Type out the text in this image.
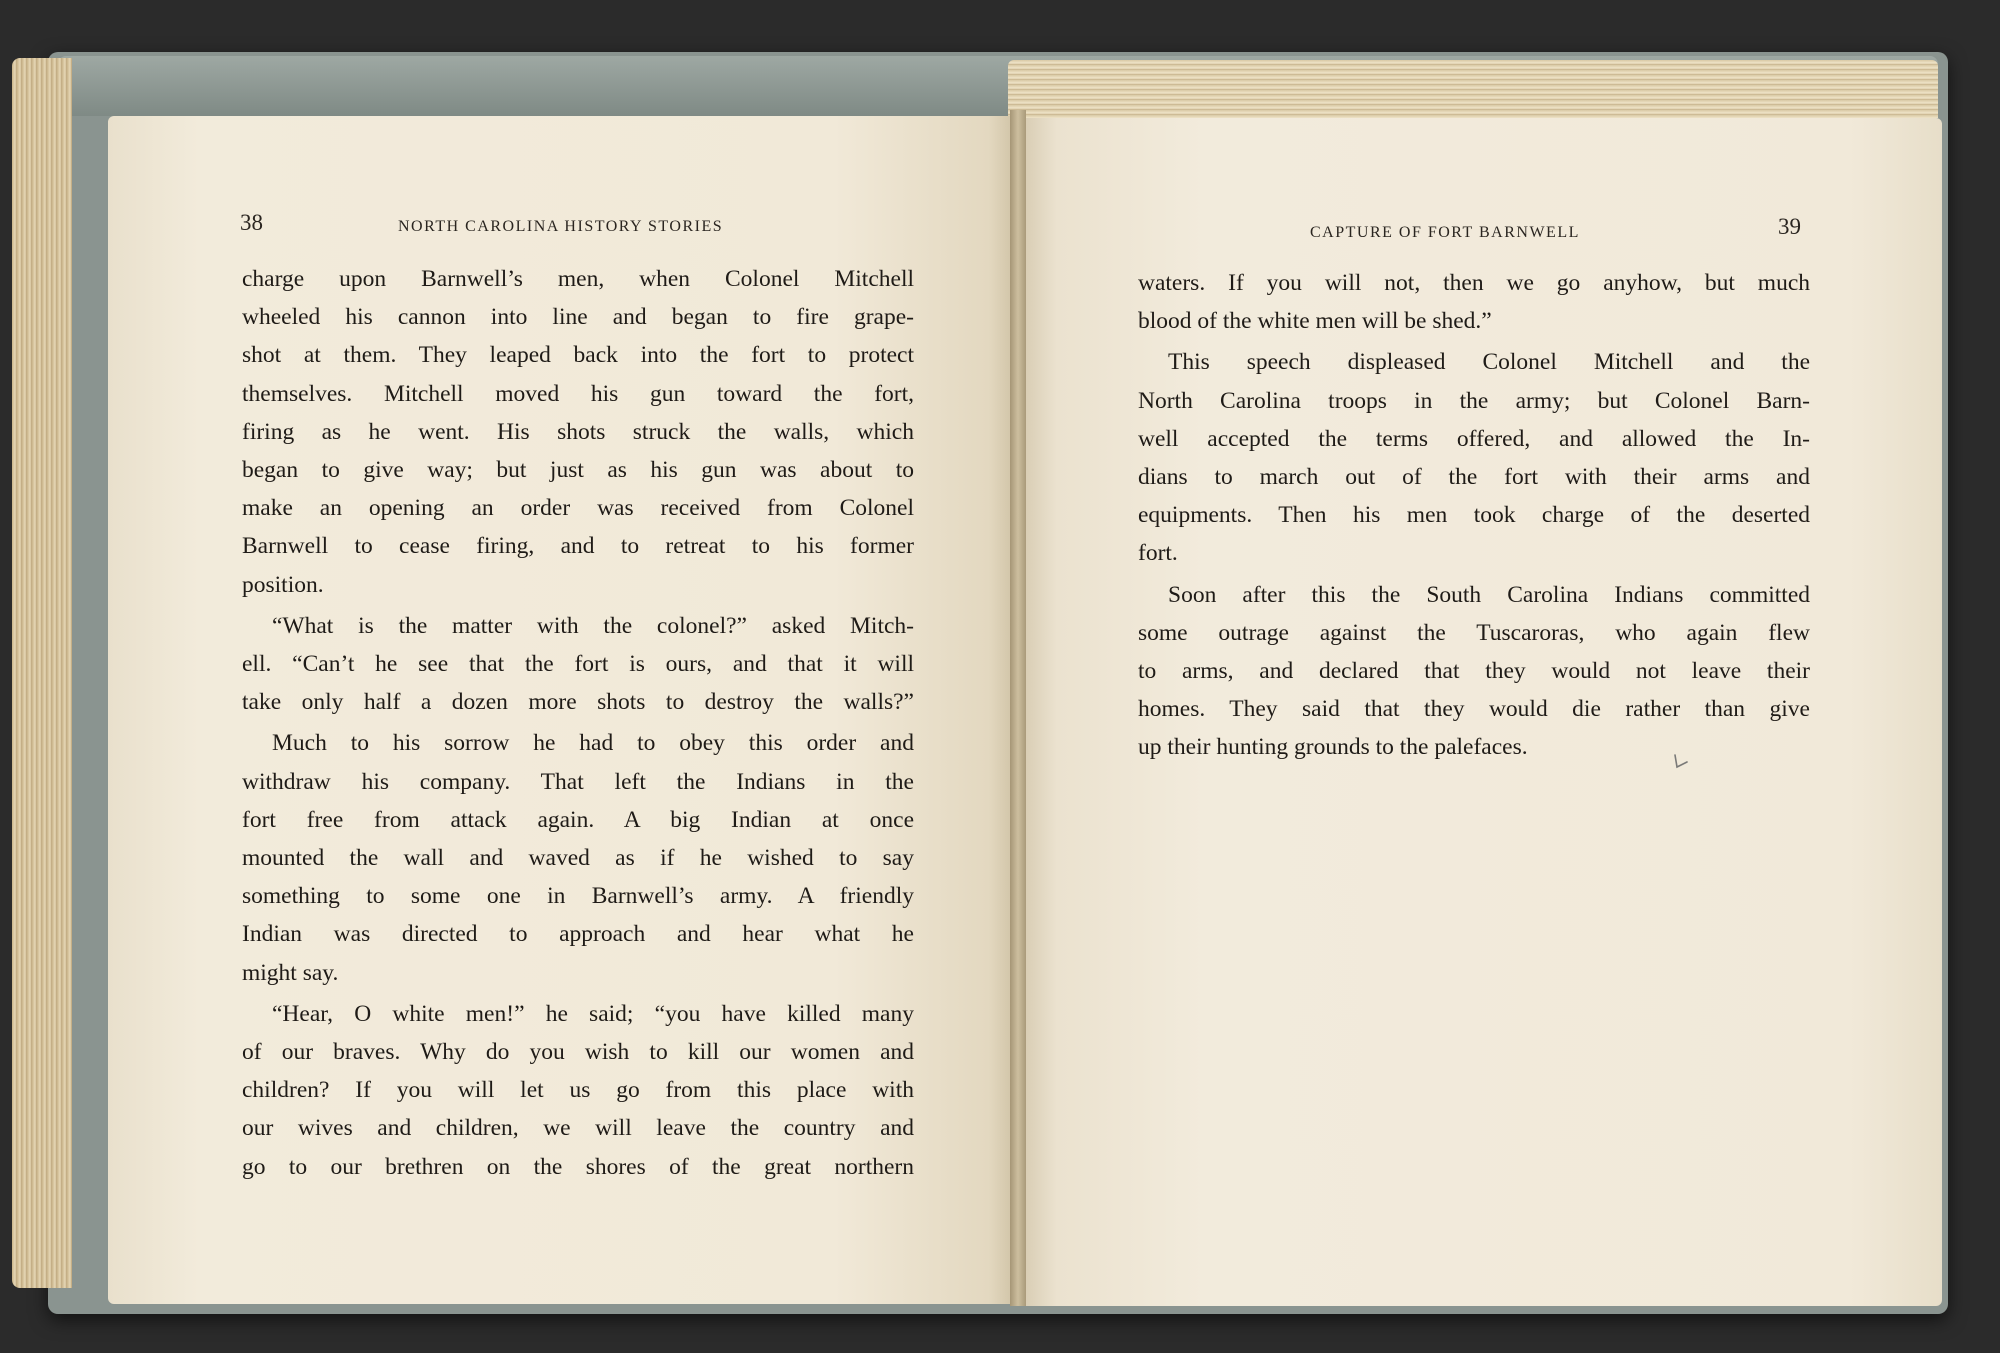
38	NORTH CAROLINA HISTORY STORIES	CAPTURE OF FORT BARNWELL	39
charge upon Barnwell’s men, when Colonel Mitchell
wheeled his cannon into line and began to fire grape-
shot at them. They leaped back into the fort to protect
themselves. Mitchell moved his gun toward the fort,
firing as he went. His shots struck the walls, which
began to give way; but just as his gun was about to
make an opening an order was received from Colonel
Barnwell to cease firing, and to retreat to his former
position.
“What is the matter with the colonel?” asked Mitch-
ell. “Can’t he see that the fort is ours, and that it will
take only half a dozen more shots to destroy the walls?”
Much to his sorrow he had to obey this order and
withdraw his company. That left the Indians in the
fort free from attack again. A big Indian at once
mounted the wall and waved as if he wished to say
something to some one in Barnwell’s army. A friendly
Indian was directed to approach and hear what he
might say.
“Hear, O white men!” he said; “you have killed many
of our braves. Why do you wish to kill our women and
children? If you will let us go from this place with
our wives and children, we will leave the country and
go to our brethren on the shores of the great northern
waters. If you will not, then we go anyhow, but much
blood of the white men will be shed.”
This speech displeased Colonel Mitchell and the
North Carolina troops in the army; but Colonel Barn-
well accepted the terms offered, and allowed the In-
dians to march out of the fort with their arms and
equipments. Then his men took charge of the deserted
fort.
Soon after this the South Carolina Indians committed
some outrage against the Tuscaroras, who again flew
to arms, and declared that they would not leave their
homes. They said that they would die rather than give
up their hunting grounds to the palefaces.
